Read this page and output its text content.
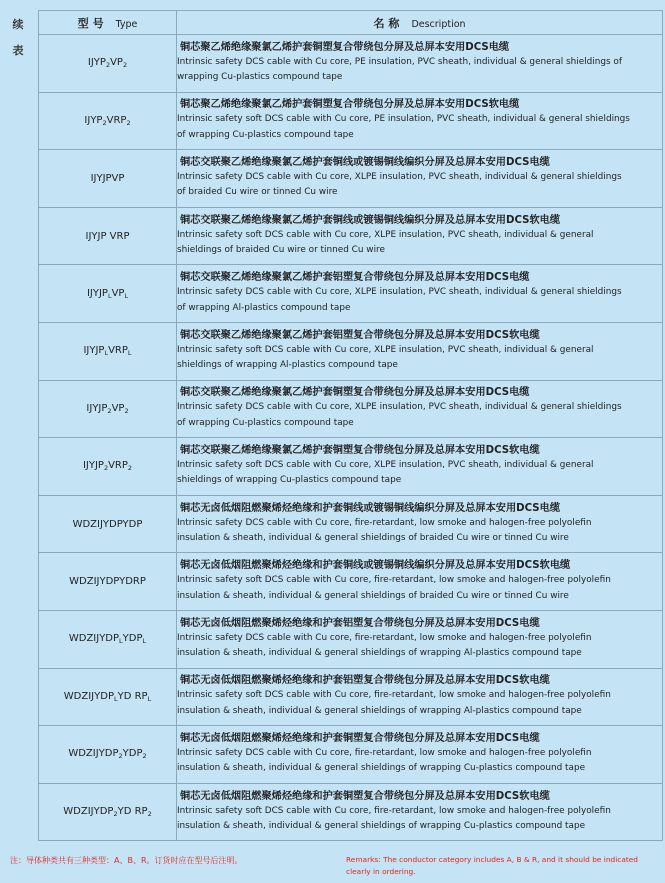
续
表
型号 Type	名称 Description
$IJYP_2VP_2$	铜芯聚乙烯绝缘聚氯乙烯护套铜塑复合带绕包分屏及总屏本安用DCS电缆
Intrinsic safety DCS cable with Cu core, PE insulation, PVC sheath, individual & general shieldings of
wrapping Cu-plastics compound tape

$IJYP_2VRP_2$	铜芯聚乙烯绝缘聚氯乙烯护套铜塑复合带绕包分屏及总屏本安用DCS软电缆
Intrinsic safety soft DCS cable with Cu core, PE insulation, PVC sheath, individual & general shieldings
of wrapping Cu-plastics compound tape

IJYJPVP	铜芯交联聚乙烯绝缘聚氯乙烯护套铜线或镀锡铜线编织分屏及总屏本安用DCS电缆
Intrinsic safety DCS cable with Cu core, XLPE insulation, PVC sheath, individual & general shieldings
of braided Cu wire or tinned Cu wire

IJYJP VRP	铜芯交联聚乙烯绝缘聚氯乙烯护套铜线或镀锡铜线编织分屏及总屏本安用DCS软电缆
Intrinsic safety soft DCS cable with Cu core, XLPE insulation, PVC sheath, individual & general
shieldings of braided Cu wire or tinned Cu wire

$IJYJP_LVP_L$	铜芯交联聚乙烯绝缘聚氯乙烯护套铝塑复合带绕包分屏及总屏本安用DCS电缆
Intrinsic safety DCS cable with Cu core, XLPE insulation, PVC sheath, individual & general shieldings
of wrapping Al-plastics compound tape

$IJYJP_LVRP_L$	铜芯交联聚乙烯绝缘聚氯乙烯护套铝塑复合带绕包分屏及总屏本安用DCS软电缆
Intrinsic safety soft DCS cable with Cu core, XLPE insulation, PVC sheath, individual & general
shieldings of wrapping Al-plastics compound tape

$IJYJP_2VP_2$	铜芯交联聚乙烯绝缘聚氯乙烯护套铜塑复合带绕包分屏及总屏本安用DCS电缆
Intrinsic safety DCS cable with Cu core, XLPE insulation, PVC sheath, individual & general shieldings
of wrapping Cu-plastics compound tape

$IJYJP_2VRP_2$	铜芯交联聚乙烯绝缘聚氯乙烯护套铜塑复合带绕包分屏及总屏本安用DCS软电缆
Intrinsic safety soft DCS cable with Cu core, XLPE insulation, PVC sheath, individual & general
shieldings of wrapping Cu-plastics compound tape

WDZIJYDPYDP	铜芯无卤低烟阻燃聚烯烃绝缘和护套铜线或镀锡铜线编织分屏及总屏本安用DCS电缆
Intrinsic safety DCS cable with Cu core, fire-retardant, low smoke and halogen-free polyolefin
insulation & sheath, individual & general shieldings of braided Cu wire or tinned Cu wire

WDZIJYDPYDRP	铜芯无卤低烟阻燃聚烯烃绝缘和护套铜线或镀锡铜线编织分屏及总屏本安用DCS软电缆
Intrinsic safety soft DCS cable with Cu core, fire-retardant, low smoke and halogen-free polyolefin
insulation & sheath, individual & general shieldings of braided Cu wire or tinned Cu wire

$WDZIJYDP_LYDP_L$	铜芯无卤低烟阻燃聚烯烃绝缘和护套铝塑复合带绕包分屏及总屏本安用DCS电缆
Intrinsic safety DCS cable with Cu core, fire-retardant, low smoke and halogen-free polyolefin
insulation & sheath, individual & general shieldings of wrapping Al-plastics compound tape

$WDZIJYDP_LYD$ $RP_L$	铜芯无卤低烟阻燃聚烯烃绝缘和护套铝塑复合带绕包分屏及总屏本安用DCS软电缆
Intrinsic safety soft DCS cable with Cu core, fire-retardant, low smoke and halogen-free polyolefin
insulation & sheath, individual & general shieldings of wrapping Al-plastics compound tape

$WDZIJYDP_2YDP_2$	铜芯无卤低烟阻燃聚烯烃绝缘和护套铜塑复合带绕包分屏及总屏本安用DCS电缆
Intrinsic safety DCS cable with Cu core, fire-retardant, low smoke and halogen-free polyolefin
insulation & sheath, individual & general shieldings of wrapping Cu-plastics compound tape

$WDZIJYDP_2YD$ $RP_2$	铜芯无卤低烟阻燃聚烯烃绝缘和护套铜塑复合带绕包分屏及总屏本安用DCS软电缆
Intrinsic safety soft DCS cable with Cu core, fire-retardant, low smoke and halogen-free polyolefin
insulation & sheath, individual & general shieldings of wrapping Cu-plastics compound tape
注：导体种类共有三种类型：A、B、R。订货时应在型号后注明。	Remarks: The conductor category includes A, B & R, and it should be indicated clearly in ordering.
